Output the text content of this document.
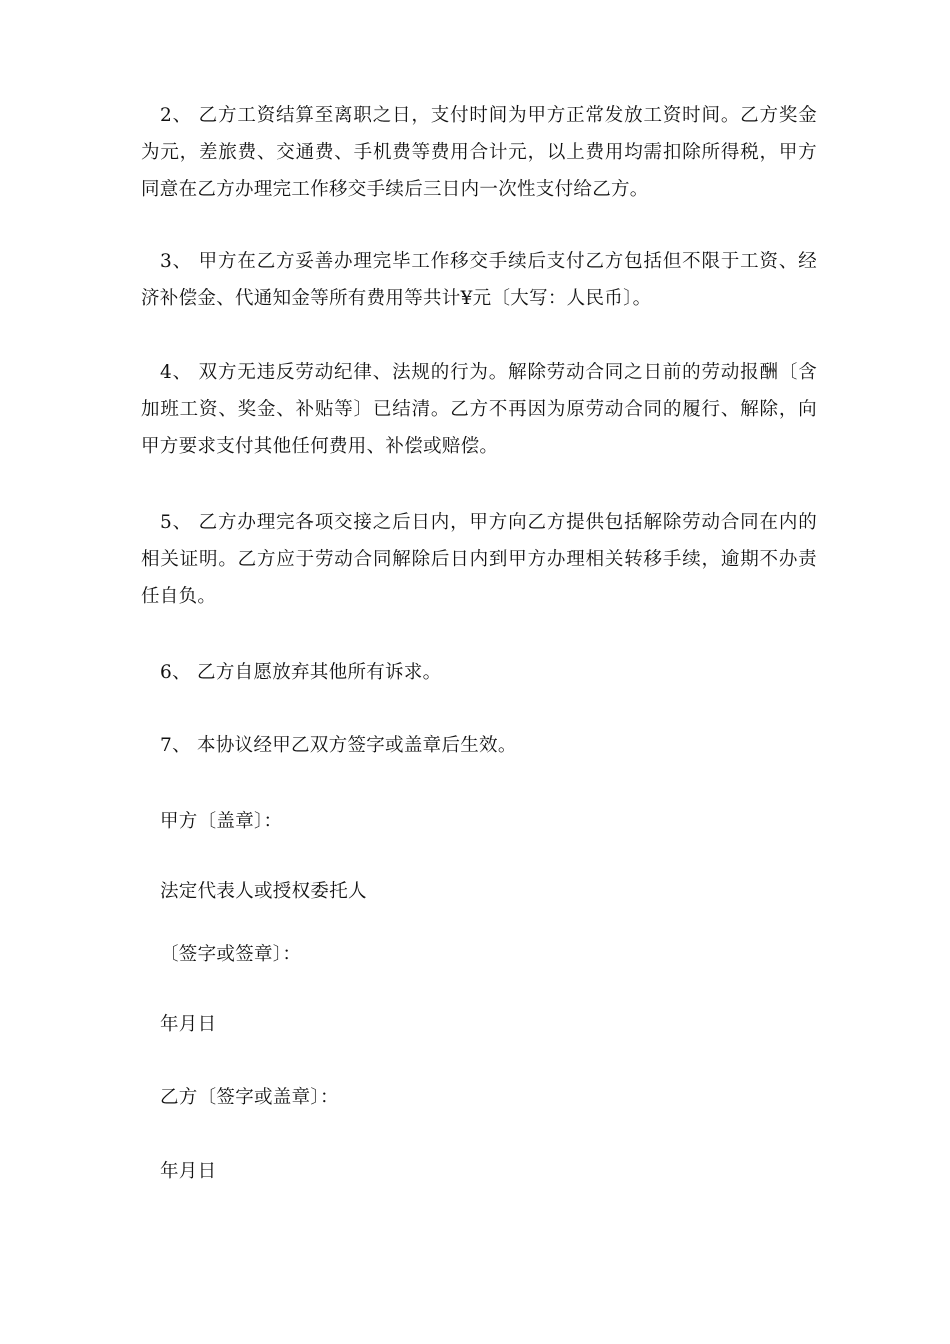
2、 乙方工资结算至离职之日，支付时间为甲方正常发放工资时间。乙方奖金为元，差旅费、交通费、手机费等费用合计元，以上费用均需扣除所得税，甲方同意在乙方办理完工作移交手续后三日内一次性支付给乙方。

3、 甲方在乙方妥善办理完毕工作移交手续后支付乙方包括但不限于工资、经济补偿金、代通知金等所有费用等共计¥元〔大写：人民币〕。

4、 双方无违反劳动纪律、法规的行为。解除劳动合同之日前的劳动报酬〔含加班工资、奖金、补贴等〕已结清。乙方不再因为原劳动合同的履行、解除，向甲方要求支付其他任何费用、补偿或赔偿。

5、 乙方办理完各项交接之后日内，甲方向乙方提供包括解除劳动合同在内的相关证明。乙方应于劳动合同解除后日内到甲方办理相关转移手续，逾期不办责任自负。

6、 乙方自愿放弃其他所有诉求。

7、 本协议经甲乙双方签字或盖章后生效。

甲方〔盖章〕：

法定代表人或授权委托人

〔签字或签章〕：

年月日

乙方〔签字或盖章〕：

年月日
